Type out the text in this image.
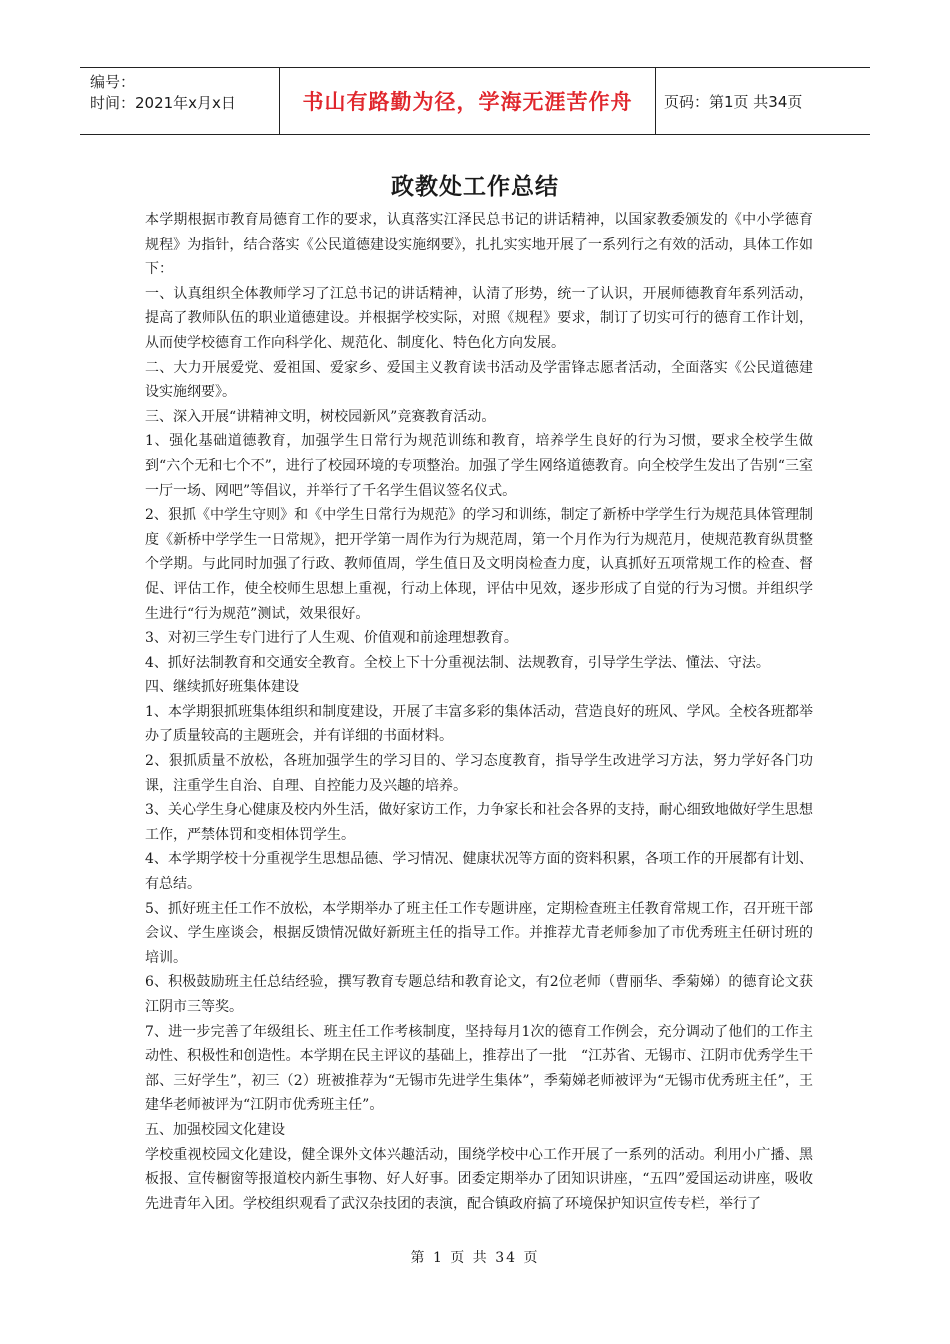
编号：
时间：2021年x月x日	书山有路勤为径，学海无涯苦作舟	页码：第1页 共34页
政教处工作总结

本学期根据市教育局德育工作的要求，认真落实江泽民总书记的讲话精神，以国家教委颁发的《中小学德育规程》为指针，结合落实《公民道德建设实施纲要》，扎扎实实地开展了一系列行之有效的活动，具体工作如下：

一、认真组织全体教师学习了江总书记的讲话精神，认清了形势，统一了认识，开展师德教育年系列活动，提高了教师队伍的职业道德建设。并根据学校实际，对照《规程》要求，制订了切实可行的德育工作计划，从而使学校德育工作向科学化、规范化、制度化、特色化方向发展。

二、大力开展爱党、爱祖国、爱家乡、爱国主义教育读书活动及学雷锋志愿者活动，全面落实《公民道德建设实施纲要》。

三、深入开展“讲精神文明，树校园新风”竞赛教育活动。

1、强化基础道德教育，加强学生日常行为规范训练和教育，培养学生良好的行为习惯，要求全校学生做到“六个无和七个不”，进行了校园环境的专项整治。加强了学生网络道德教育。向全校学生发出了告别“三室一厅一场、网吧”等倡议，并举行了千名学生倡议签名仪式。

2、狠抓《中学生守则》和《中学生日常行为规范》的学习和训练，制定了新桥中学学生行为规范具体管理制度《新桥中学学生一日常规》，把开学第一周作为行为规范周，第一个月作为行为规范月，使规范教育纵贯整个学期。与此同时加强了行政、教师值周，学生值日及文明岗检查力度，认真抓好五项常规工作的检查、督促、评估工作，使全校师生思想上重视，行动上体现，评估中见效，逐步形成了自觉的行为习惯。并组织学生进行“行为规范”测试，效果很好。

3、对初三学生专门进行了人生观、价值观和前途理想教育。

4、抓好法制教育和交通安全教育。全校上下十分重视法制、法规教育，引导学生学法、懂法、守法。

四、继续抓好班集体建设

1、本学期狠抓班集体组织和制度建设，开展了丰富多彩的集体活动，营造良好的班风、学风。全校各班都举办了质量较高的主题班会，并有详细的书面材料。

2、狠抓质量不放松，各班加强学生的学习目的、学习态度教育，指导学生改进学习方法，努力学好各门功课，注重学生自治、自理、自控能力及兴趣的培养。

3、关心学生身心健康及校内外生活，做好家访工作，力争家长和社会各界的支持，耐心细致地做好学生思想工作，严禁体罚和变相体罚学生。

4、本学期学校十分重视学生思想品德、学习情况、健康状况等方面的资料积累，各项工作的开展都有计划、有总结。

5、抓好班主任工作不放松，本学期举办了班主任工作专题讲座，定期检查班主任教育常规工作，召开班干部会议、学生座谈会，根据反馈情况做好新班主任的指导工作。并推荐尤青老师参加了市优秀班主任研讨班的培训。

6、积极鼓励班主任总结经验，撰写教育专题总结和教育论文，有2位老师（曹丽华、季菊娣）的德育论文获江阴市三等奖。

7、进一步完善了年级组长、班主任工作考核制度，坚持每月1次的德育工作例会，充分调动了他们的工作主动性、积极性和创造性。本学期在民主评议的基础上，推荐出了一批　“江苏省、无锡市、江阴市优秀学生干部、三好学生”，初三（2）班被推荐为“无锡市先进学生集体”，季菊娣老师被评为“无锡市优秀班主任”，王建华老师被评为“江阴市优秀班主任”。

五、加强校园文化建设

学校重视校园文化建设，健全课外文体兴趣活动，围绕学校中心工作开展了一系列的活动。利用小广播、黑板报、宣传橱窗等报道校内新生事物、好人好事。团委定期举办了团知识讲座，“五四”爱国运动讲座，吸收先进青年入团。学校组织观看了武汉杂技团的表演，配合镇政府搞了环境保护知识宣传专栏，举行了

第 1 页 共 34 页
